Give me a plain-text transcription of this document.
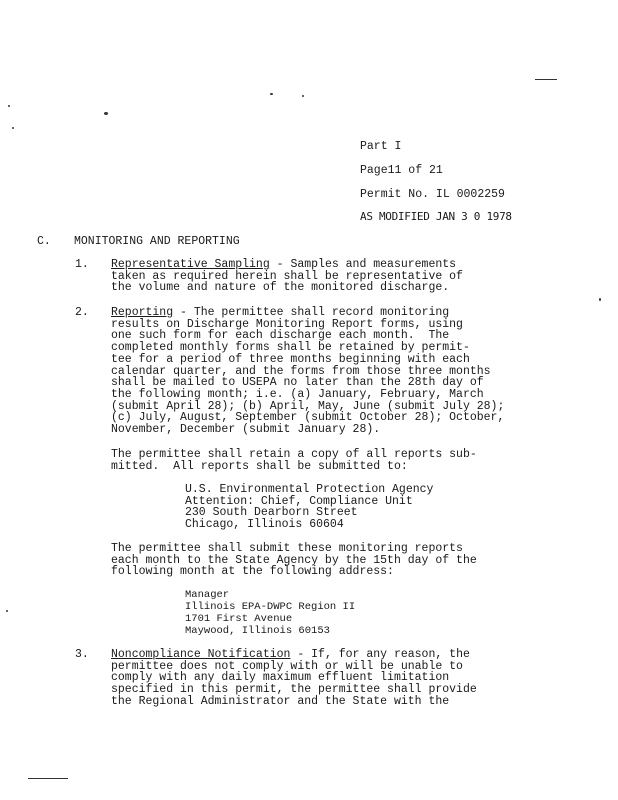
Part I
Page11 of 21
Permit No. IL 0002259
AS MODIFIED JAN 3 0 1978
C. MONITORING AND REPORTING
1. Representative Sampling - Samples and measurements
taken as required herein shall be representative of
the volume and nature of the monitored discharge.
2. Reporting - The permittee shall record monitoring
results on Discharge Monitoring Report forms, using
one such form for each discharge each month.  The
completed monthly forms shall be retained by permit-
tee for a period of three months beginning with each
calendar quarter, and the forms from those three months
shall be mailed to USEPA no later than the 28th day of
the following month; i.e. (a) January, February, March
(submit April 28); (b) April, May, June (submit July 28);
(c) July, August, September (submit October 28); October,
November, December (submit January 28).
The permittee shall retain a copy of all reports sub-
mitted.  All reports shall be submitted to:
U.S. Environmental Protection Agency
Attention: Chief, Compliance Unit
230 South Dearborn Street
Chicago, Illinois 60604
The permittee shall submit these monitoring reports
each month to the State Agency by the 15th day of the
following month at the following address:
Manager
Illinois EPA-DWPC Region II
1701 First Avenue
Maywood, Illinois 60153
3. Noncompliance Notification - If, for any reason, the
permittee does not comply with or will be unable to
comply with any daily maximum effluent limitation
specified in this permit, the permittee shall provide
the Regional Administrator and the State with the
